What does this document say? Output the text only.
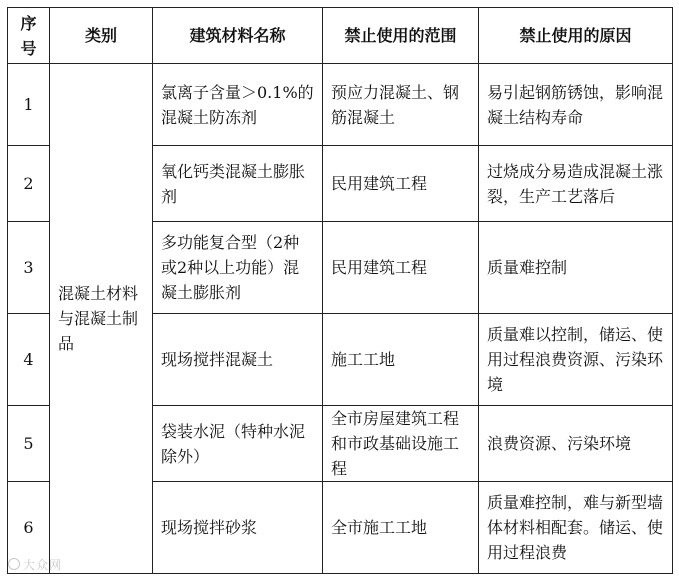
序号	类别	建筑材料名称	禁止使用的范围	禁止使用的原因
1	混凝土材料与混凝土制品	氯离子含量＞0.1%的混凝土防冻剂	预应力混凝土、钢筋混凝土	易引起钢筋锈蚀，影响混凝土结构寿命
2		氧化钙类混凝土膨胀剂	民用建筑工程	过烧成分易造成混凝土涨裂，生产工艺落后
3		多功能复合型（2种或2种以上功能）混凝土膨胀剂	民用建筑工程	质量难控制
4		现场搅拌混凝土	施工工地	质量难以控制，储运、使用过程浪费资源、污染环境
5		袋装水泥（特种水泥除外）	全市房屋建筑工程和市政基础设施工程	浪费资源、污染环境
6		现场搅拌砂浆	全市施工工地	质量难控制，难与新型墙体材料相配套。储运、使用过程浪费
大众网
